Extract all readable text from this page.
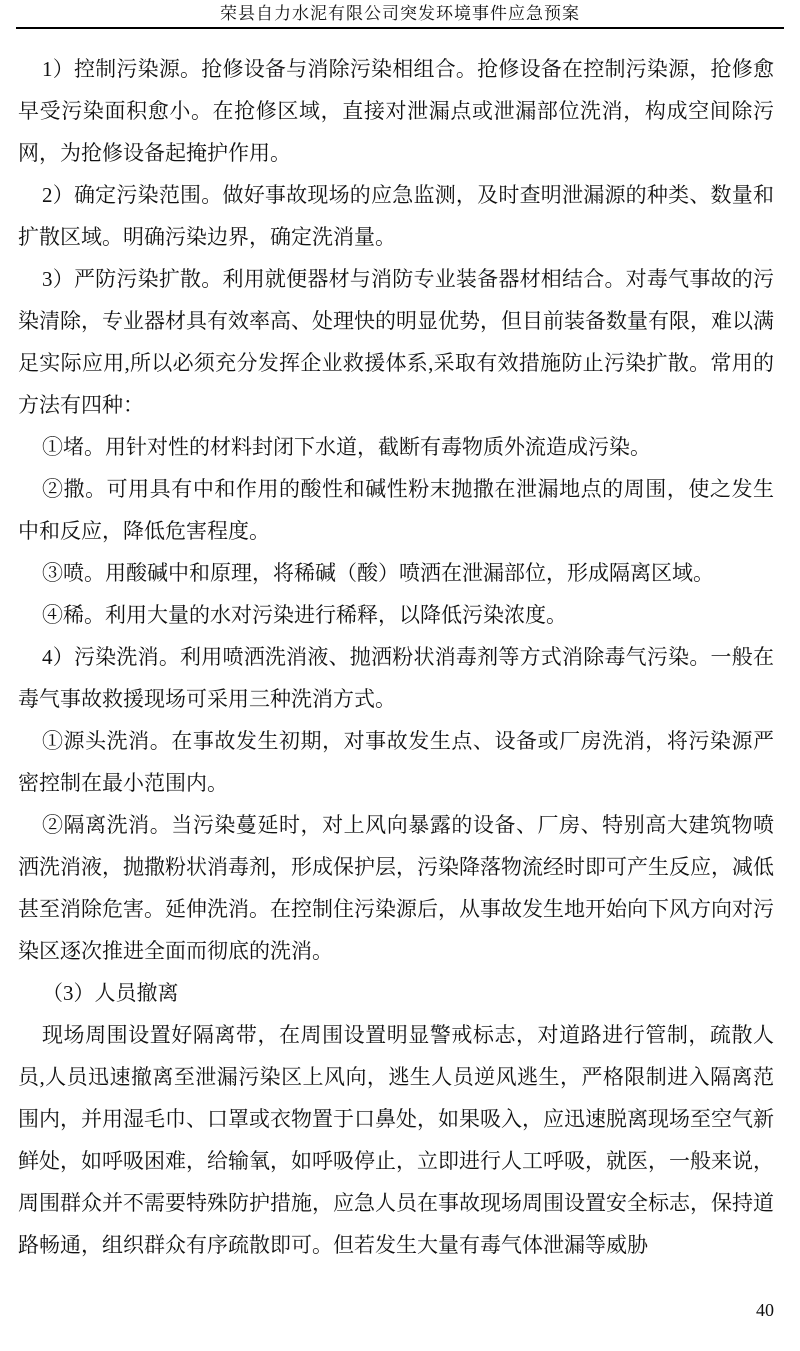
荣县自力水泥有限公司突发环境事件应急预案

1）控制污染源。抢修设备与消除污染相组合。抢修设备在控制污染源，抢修愈早受污染面积愈小。在抢修区域，直接对泄漏点或泄漏部位洗消，构成空间除污网，为抢修设备起掩护作用。

2）确定污染范围。做好事故现场的应急监测，及时查明泄漏源的种类、数量和扩散区域。明确污染边界，确定洗消量。

3）严防污染扩散。利用就便器材与消防专业装备器材相结合。对毒气事故的污染清除，专业器材具有效率高、处理快的明显优势，但目前装备数量有限，难以满足实际应用,所以必须充分发挥企业救援体系,采取有效措施防止污染扩散。常用的方法有四种：

①堵。用针对性的材料封闭下水道，截断有毒物质外流造成污染。

②撒。可用具有中和作用的酸性和碱性粉末抛撒在泄漏地点的周围，使之发生中和反应，降低危害程度。

③喷。用酸碱中和原理，将稀碱（酸）喷洒在泄漏部位，形成隔离区域。

④稀。利用大量的水对污染进行稀释，以降低污染浓度。

4）污染洗消。利用喷洒洗消液、抛洒粉状消毒剂等方式消除毒气污染。一般在毒气事故救援现场可采用三种洗消方式。

①源头洗消。在事故发生初期，对事故发生点、设备或厂房洗消，将污染源严密控制在最小范围内。

②隔离洗消。当污染蔓延时，对上风向暴露的设备、厂房、特别高大建筑物喷洒洗消液，抛撒粉状消毒剂，形成保护层，污染降落物流经时即可产生反应，减低甚至消除危害。延伸洗消。在控制住污染源后，从事故发生地开始向下风方向对污染区逐次推进全面而彻底的洗消。

（3）人员撤离

现场周围设置好隔离带，在周围设置明显警戒标志，对道路进行管制，疏散人员,人员迅速撤离至泄漏污染区上风向，逃生人员逆风逃生，严格限制进入隔离范围内，并用湿毛巾、口罩或衣物置于口鼻处，如果吸入，应迅速脱离现场至空气新鲜处，如呼吸困难，给输氧，如呼吸停止，立即进行人工呼吸，就医，一般来说，周围群众并不需要特殊防护措施，应急人员在事故现场周围设置安全标志，保持道路畅通，组织群众有序疏散即可。但若发生大量有毒气体泄漏等威胁

40
